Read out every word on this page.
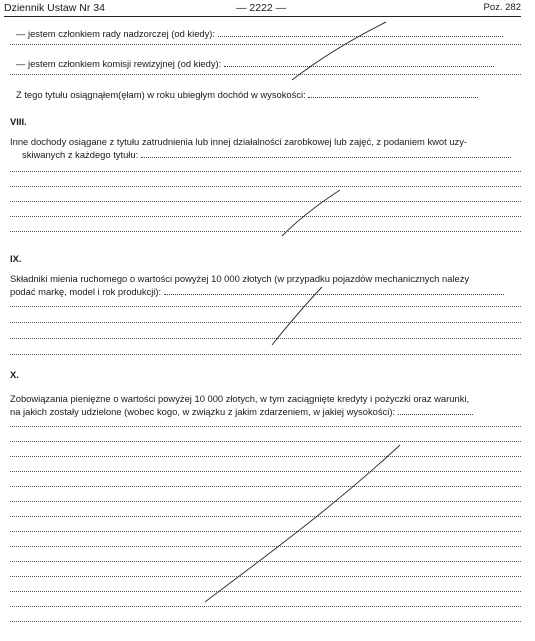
Dziennik Ustaw Nr 34	— 2222 —	Poz. 282
— jestem członkiem rady nadzorczej (od kiedy):
— jestem członkiem komisji rewizyjnej (od kiedy):
Z tego tytułu osiągnąłem(ęłam) w roku ubiegłym dochód w wysokości:
VIII.
Inne dochody osiągane z tytułu zatrudnienia lub innej działalności zarobkowej lub zajęć, z podaniem kwot uzy-
skiwanych z każdego tytułu:
IX.
Składniki mienia ruchomego o wartości powyżej 10 000 złotych (w przypadku pojazdów mechanicznych należy
podać markę, model i rok produkcji):
X.
Zobowiązania pieniężne o wartości powyżej 10 000 złotych, w tym zaciągnięte kredyty i pożyczki oraz warunki,
na jakich zostały udzielone (wobec kogo, w związku z jakim zdarzeniem, w jakiej wysokości):
